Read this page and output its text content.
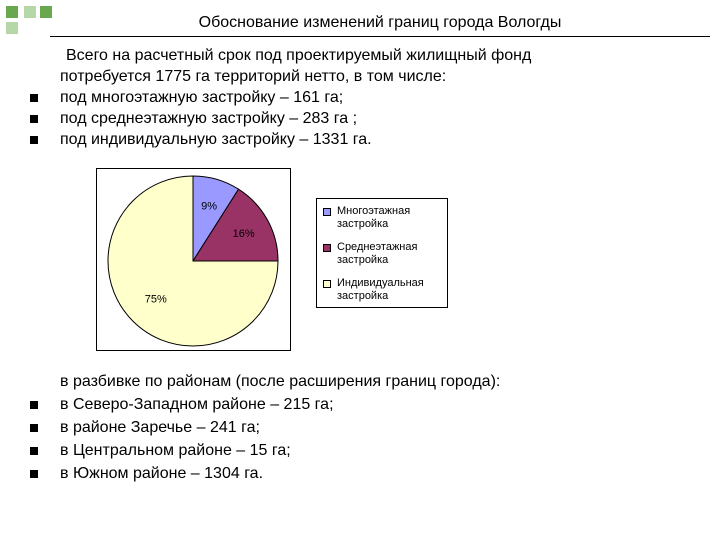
Обоснование изменений границ города Вологды
Всего на расчетный срок под проектируемый жилищный фонд
потребуется 1775 га территорий нетто, в том числе:
под многоэтажную застройку – 161 га;
под среднеэтажную застройку – 283 га ;
под индивидуальную застройку – 1331 га.
9%
16%
75%
Многоэтажная застройка
Среднеэтажная застройка
Индивидуальная застройка
в разбивке по районам (после расширения границ города):
в Северо-Западном районе – 215 га;
в районе Заречье – 241 га;
в Центральном районе – 15 га;
в Южном районе – 1304 га.
